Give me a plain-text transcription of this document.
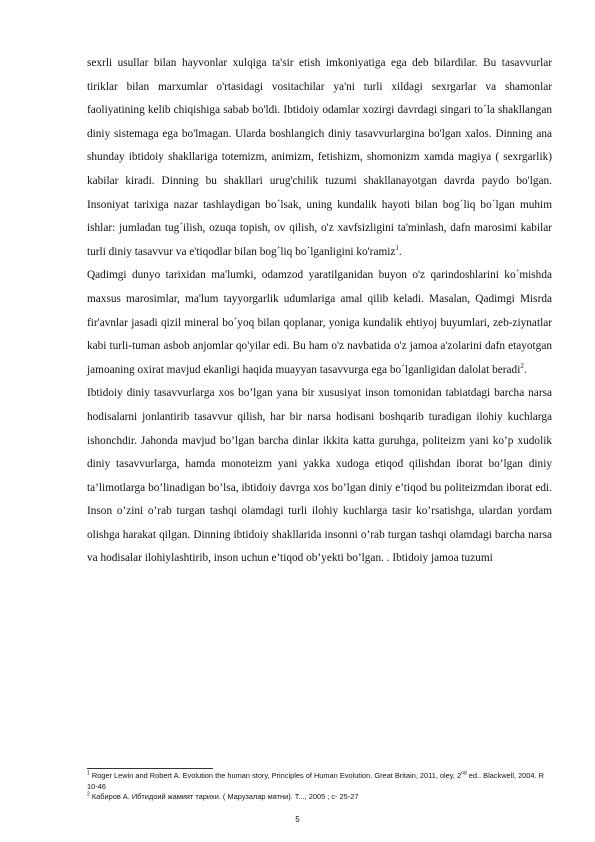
sexrli usullar bilan hayvonlar xulqiga ta'sir etish imkoniyatiga ega deb bilardilar. Bu tasavvurlar tiriklar bilan marxumlar o'rtasidagi vositachilar ya'ni turli xildagi sexrgarlar va shamonlar faoliyatining kelib chiqishiga sabab bo'ldi. Ibtidoiy odamlar xozirgi davrdagi singari to´la shakllangan diniy sistemaga ega bo'lmagan. Ularda boshlangich diniy tasavvurlargina bo'lgan xalos. Dinning ana shunday ibtidoiy shakllariga totemizm, animizm, fetishizm, shomonizm xamda magiya ( sexrgarlik) kabilar kiradi. Dinning bu shakllari urug'chilik tuzumi shakllanayotgan davrda paydo bo'lgan. Insoniyat tarixiga nazar tashlaydigan bo´lsak, uning kundalik hayoti bilan bog´liq bo´lgan muhim ishlar: jumladan tug´ilish, ozuqa topish, ov qilish, o'z xavfsizligini ta'minlash, dafn marosimi kabilar turli diniy tasavvur va e'tiqodlar bilan bog´liq bo´lganligini ko'ramiz$^1$.

Qadimgi dunyo tarixidan ma'lumki, odamzod yaratilganidan buyon o'z qarindoshlarini ko´mishda maxsus marosimlar, ma'lum tayyorgarlik udumlariga amal qilib keladi. Masalan, Qadimgi Misrda fir'avnlar jasadi qizil mineral bo´yoq bilan qoplanar, yoniga kundalik ehtiyoj buyumlari, zeb-ziynatlar kabi turli-tuman asbob anjomlar qo'yilar edi. Bu ham o'z navbatida o'z jamoa a'zolarini dafn etayotgan jamoaning oxirat mavjud ekanligi haqida muayyan tasavvurga ega bo´lganligidan dalolat beradi$^2$.

Ibtidoiy diniy tasavvurlarga xos bo’lgan yana bir xususiyat inson tomonidan tabiatdagi barcha narsa hodisalarni jonlantirib tasavvur qilish, har bir narsa hodisani boshqarib turadigan ilohiy kuchlarga ishonchdir. Jahonda mavjud bo’lgan barcha dinlar ikkita katta guruhga, politeizm yani ko’p xudolik diniy tasavvurlarga, hamda monoteizm yani yakka xudoga etiqod qilishdan iborat bo’lgan diniy ta’limotlarga bo’linadigan bo’lsa, ibtidoiy davrga xos bo’lgan diniy e’tiqod bu politeizmdan iborat edi. Inson o’zini o’rab turgan tashqi olamdagi turli ilohiy kuchlarga tasir ko’rsatishga, ulardan yordam olishga harakat qilgan. Dinning ibtidoiy shakllarida insonni o’rab turgan tashqi olamdagi barcha narsa va hodisalar ilohiylashtirib, inson uchun e’tiqod ob’yekti bo’lgan. . Ibtidoiy jamoa tuzumi

$^1$ Roger Lewin and Robert A. Evolution the human story, Principles of Human Evolution. Great Britain, 2011, oley, 2nd ed.. Blackwell, 2004. R 10-46

$^2$ Кабиров А. Ибтидоий жамият тарихи. ( Марузалар матни). Т..., 2005 ; с- 25-27

5
